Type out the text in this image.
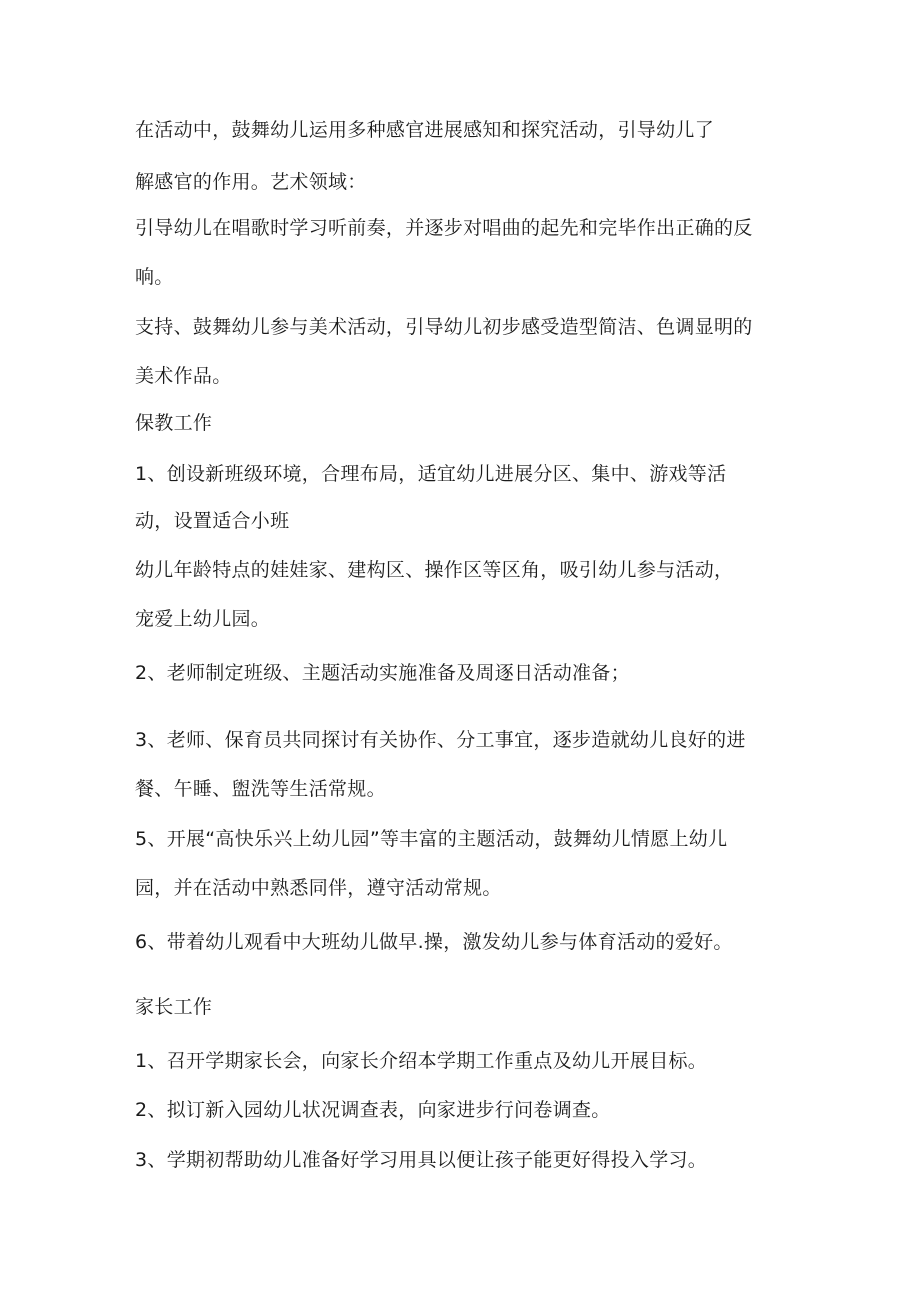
在活动中，鼓舞幼儿运用多种感官进展感知和探究活动，引导幼儿了
解感官的作用。艺术领域：
引导幼儿在唱歌时学习听前奏，并逐步对唱曲的起先和完毕作出正确的反
响。
支持、鼓舞幼儿参与美术活动，引导幼儿初步感受造型简洁、色调显明的
美术作品。
保教工作
1、创设新班级环境，合理布局，适宜幼儿进展分区、集中、游戏等活
动，设置适合小班
幼儿年龄特点的娃娃家、建构区、操作区等区角，吸引幼儿参与活动，
宠爱上幼儿园。
2、老师制定班级、主题活动实施准备及周逐日活动准备；
3、老师、保育员共同探讨有关协作、分工事宜，逐步造就幼儿良好的进
餐、午睡、盥洗等生活常规。
5、开展“高快乐兴上幼儿园”等丰富的主题活动，鼓舞幼儿情愿上幼儿
园，并在活动中熟悉同伴，遵守活动常规。
6、带着幼儿观看中大班幼儿做早.操，激发幼儿参与体育活动的爱好。
家长工作
1、召开学期家长会，向家长介绍本学期工作重点及幼儿开展目标。
2、拟订新入园幼儿状况调查表，向家进步行问卷调查。
3、学期初帮助幼儿准备好学习用具以便让孩子能更好得投入学习。
